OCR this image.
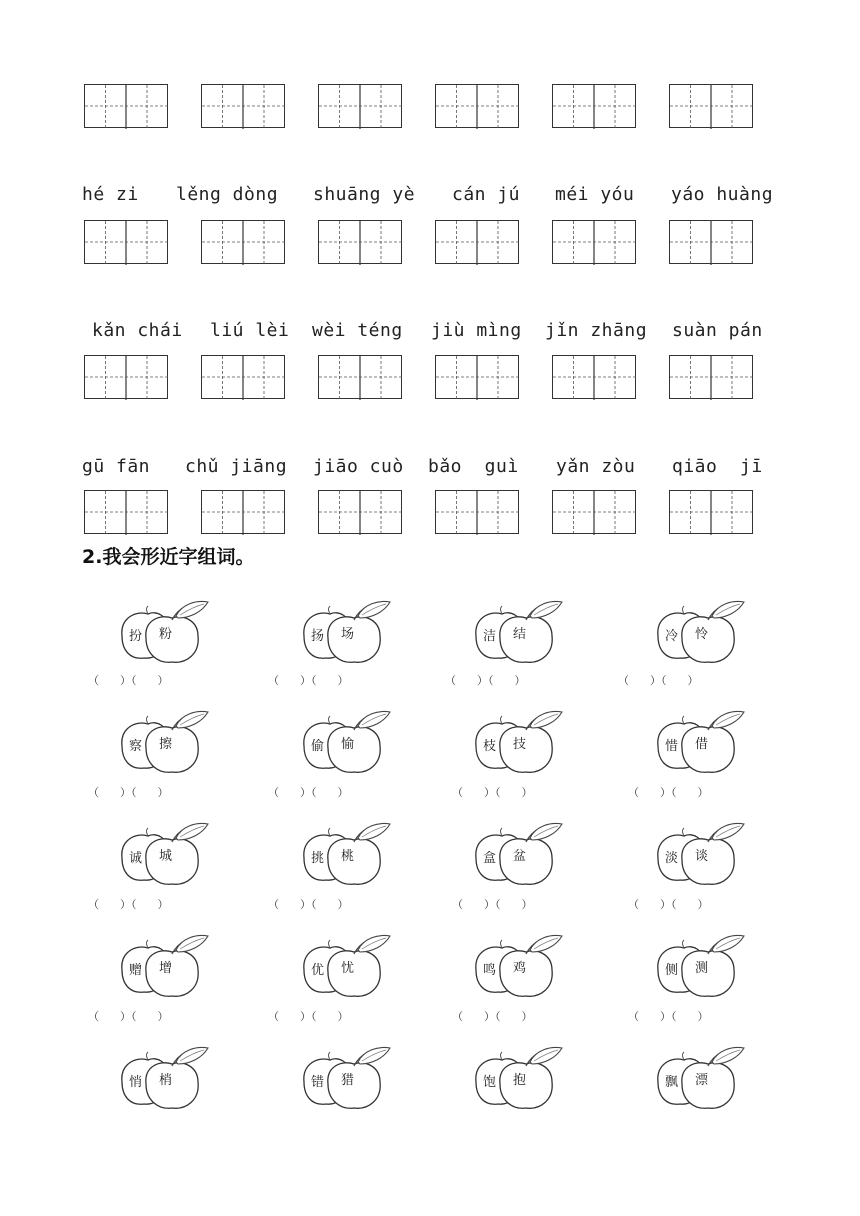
hé zi lěng dòng shuāng yè cán jú méi yóu yáo huàng
kǎn chái liú lèi wèi téng jiù mìng jǐn zhāng suàn pán
gū fān chǔ jiāng jiāo cuò bǎo  guì yǎn zòu qiāo  jī
2.我会形近字组词。
扮 粉	扬 场	洁 结	冷 怜
察 擦	偷 愉	枝 技	惜 借
诚 城	挑 桃	盒 盆	淡 谈
赠 增	优 忧	鸣 鸡	侧 测
悄 梢	错 猎	饱 抱	飘 漂
（      ）（      ）	（      ）（      ）	（      ）（      ）	（      ）（      ）
（      ）（      ）	（      ）（      ）	（      ）（      ）	（      ）（      ）
（      ）（      ）	（      ）（      ）	（      ）（      ）	（      ）（      ）
（      ）（      ）	（      ）（      ）	（      ）（      ）	（      ）（      ）
